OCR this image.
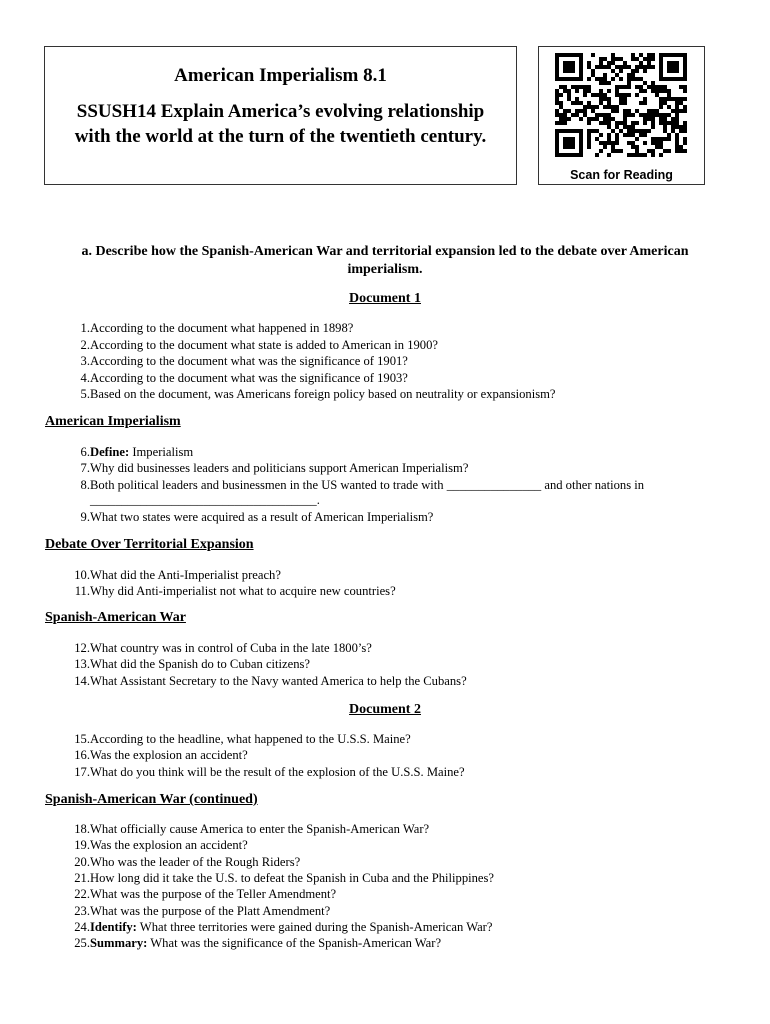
American Imperialism 8.1
SSUSH14 Explain America’s evolving relationship
with the world at the turn of the twentieth century.
Scan for Reading
a. Describe how the Spanish-American War and territorial expansion led to the debate over American
imperialism.
Document 1
1. According to the document what happened in 1898?
2. According to the document what state is added to American in 1900?
3. According to the document what was the significance of 1901?
4. According to the document what was the significance of 1903?
5. Based on the document, was Americans foreign policy based on neutrality or expansionism?
American Imperialism
6. Define: Imperialism
7. Why did businesses leaders and politicians support American Imperialism?
8. Both political leaders and businessmen in the US wanted to trade with _______________ and other nations in
____________________________________.
9. What two states were acquired as a result of American Imperialism?
Debate Over Territorial Expansion
10. What did the Anti-Imperialist preach?
11. Why did Anti-imperialist not what to acquire new countries?
Spanish-American War
12. What country was in control of Cuba in the late 1800’s?
13. What did the Spanish do to Cuban citizens?
14. What Assistant Secretary to the Navy wanted America to help the Cubans?
Document 2
15. According to the headline, what happened to the U.S.S. Maine?
16. Was the explosion an accident?
17. What do you think will be the result of the explosion of the U.S.S. Maine?
Spanish-American War (continued)
18. What officially cause America to enter the Spanish-American War?
19. Was the explosion an accident?
20. Who was the leader of the Rough Riders?
21. How long did it take the U.S. to defeat the Spanish in Cuba and the Philippines?
22. What was the purpose of the Teller Amendment?
23. What was the purpose of the Platt Amendment?
24. Identify: What three territories were gained during the Spanish-American War?
25. Summary: What was the significance of the Spanish-American War?
